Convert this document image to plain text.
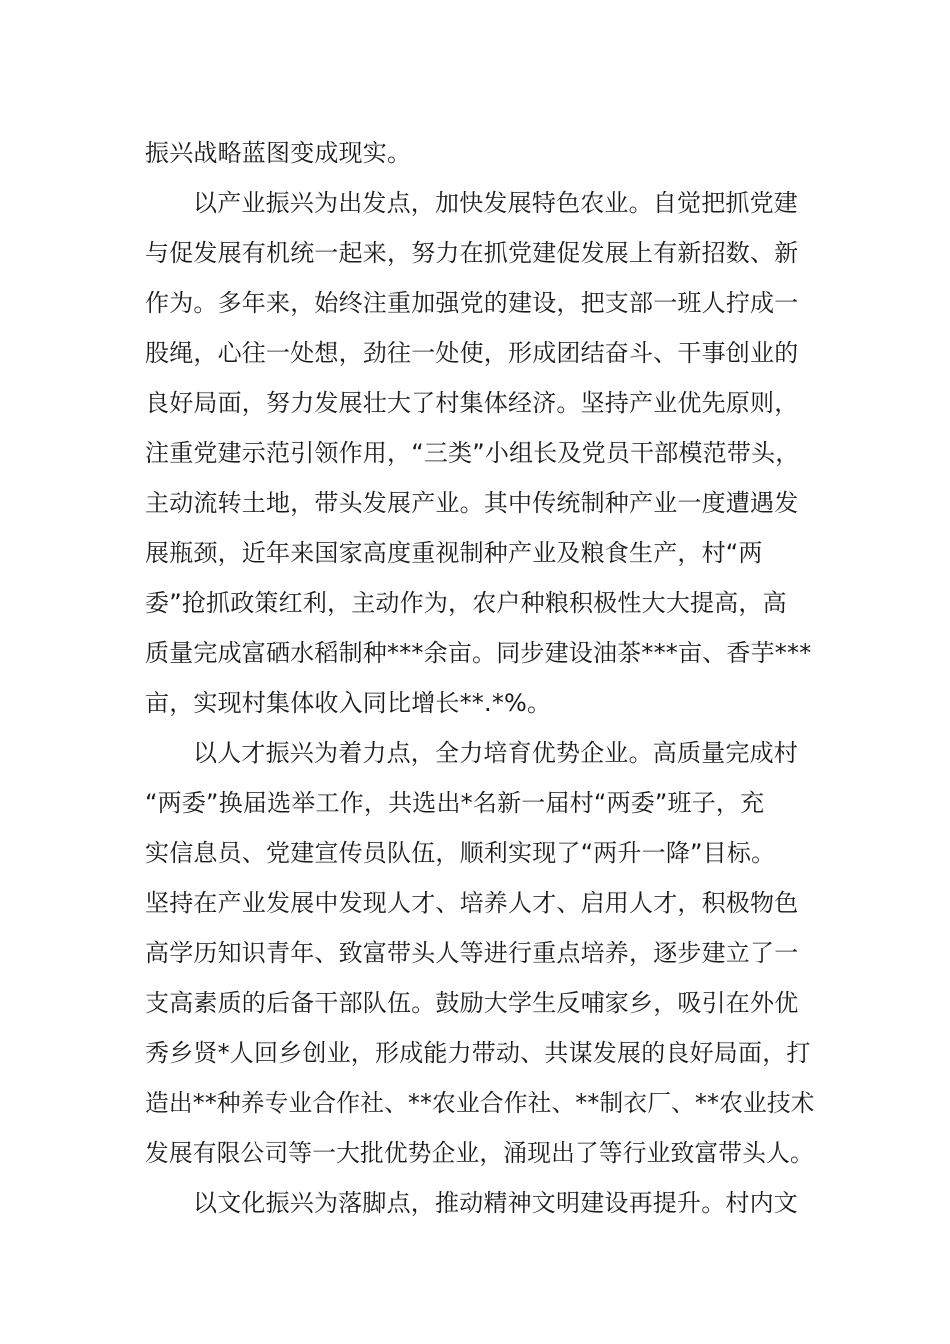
振兴战略蓝图变成现实。
以产业振兴为出发点，加快发展特色农业。自觉把抓党建
与促发展有机统一起来，努力在抓党建促发展上有新招数、新
作为。多年来，始终注重加强党的建设，把支部一班人拧成一
股绳，心往一处想，劲往一处使，形成团结奋斗、干事创业的
良好局面，努力发展壮大了村集体经济。坚持产业优先原则，
注重党建示范引领作用，“三类”小组长及党员干部模范带头，
主动流转土地，带头发展产业。其中传统制种产业一度遭遇发
展瓶颈，近年来国家高度重视制种产业及粮食生产，村“两
委”抢抓政策红利，主动作为，农户种粮积极性大大提高，高
质量完成富硒水稻制种***余亩。同步建设油茶***亩、香芋***
亩，实现村集体收入同比增长**.*%。
以人才振兴为着力点，全力培育优势企业。高质量完成村
“两委”换届选举工作，共选出*名新一届村“两委”班子，充
实信息员、党建宣传员队伍，顺利实现了“两升一降”目标。
坚持在产业发展中发现人才、培养人才、启用人才，积极物色
高学历知识青年、致富带头人等进行重点培养，逐步建立了一
支高素质的后备干部队伍。鼓励大学生反哺家乡，吸引在外优
秀乡贤*人回乡创业，形成能力带动、共谋发展的良好局面，打
造出**种养专业合作社、**农业合作社、**制衣厂、**农业技术
发展有限公司等一大批优势企业，涌现出了等行业致富带头人。
以文化振兴为落脚点，推动精神文明建设再提升。村内文
